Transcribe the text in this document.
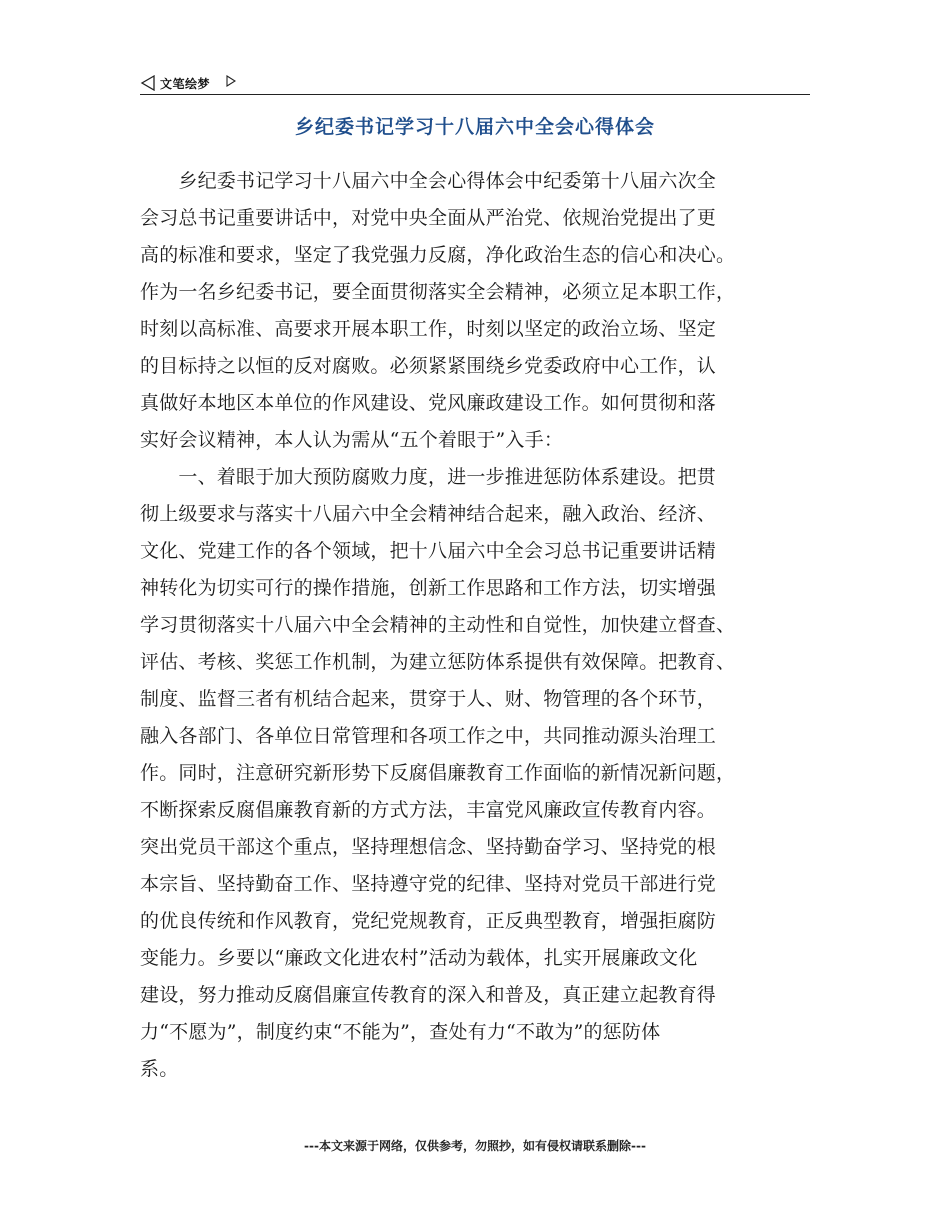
文笔绘梦
乡纪委书记学习十八届六中全会心得体会
　　乡纪委书记学习十八届六中全会心得体会中纪委第十八届六次全
会习总书记重要讲话中，对党中央全面从严治党、依规治党提出了更
高的标准和要求，坚定了我党强力反腐，净化政治生态的信心和决心。
作为一名乡纪委书记，要全面贯彻落实全会精神，必须立足本职工作，
时刻以高标准、高要求开展本职工作，时刻以坚定的政治立场、坚定
的目标持之以恒的反对腐败。必须紧紧围绕乡党委政府中心工作，认
真做好本地区本单位的作风建设、党风廉政建设工作。如何贯彻和落
实好会议精神，本人认为需从“五个着眼于”入手：
　　一、着眼于加大预防腐败力度，进一步推进惩防体系建设。把贯
彻上级要求与落实十八届六中全会精神结合起来，融入政治、经济、
文化、党建工作的各个领域，把十八届六中全会习总书记重要讲话精
神转化为切实可行的操作措施，创新工作思路和工作方法，切实增强
学习贯彻落实十八届六中全会精神的主动性和自觉性，加快建立督查、
评估、考核、奖惩工作机制，为建立惩防体系提供有效保障。把教育、
制度、监督三者有机结合起来，贯穿于人、财、物管理的各个环节，
融入各部门、各单位日常管理和各项工作之中，共同推动源头治理工
作。同时，注意研究新形势下反腐倡廉教育工作面临的新情况新问题，
不断探索反腐倡廉教育新的方式方法，丰富党风廉政宣传教育内容。
突出党员干部这个重点，坚持理想信念、坚持勤奋学习、坚持党的根
本宗旨、坚持勤奋工作、坚持遵守党的纪律、坚持对党员干部进行党
的优良传统和作风教育，党纪党规教育，正反典型教育，增强拒腐防
变能力。乡要以“廉政文化进农村”活动为载体，扎实开展廉政文化
建设，努力推动反腐倡廉宣传教育的深入和普及，真正建立起教育得
力“不愿为”，制度约束“不能为”，查处有力“不敢为”的惩防体
系。
---本文来源于网络，仅供参考，勿照抄，如有侵权请联系删除---
